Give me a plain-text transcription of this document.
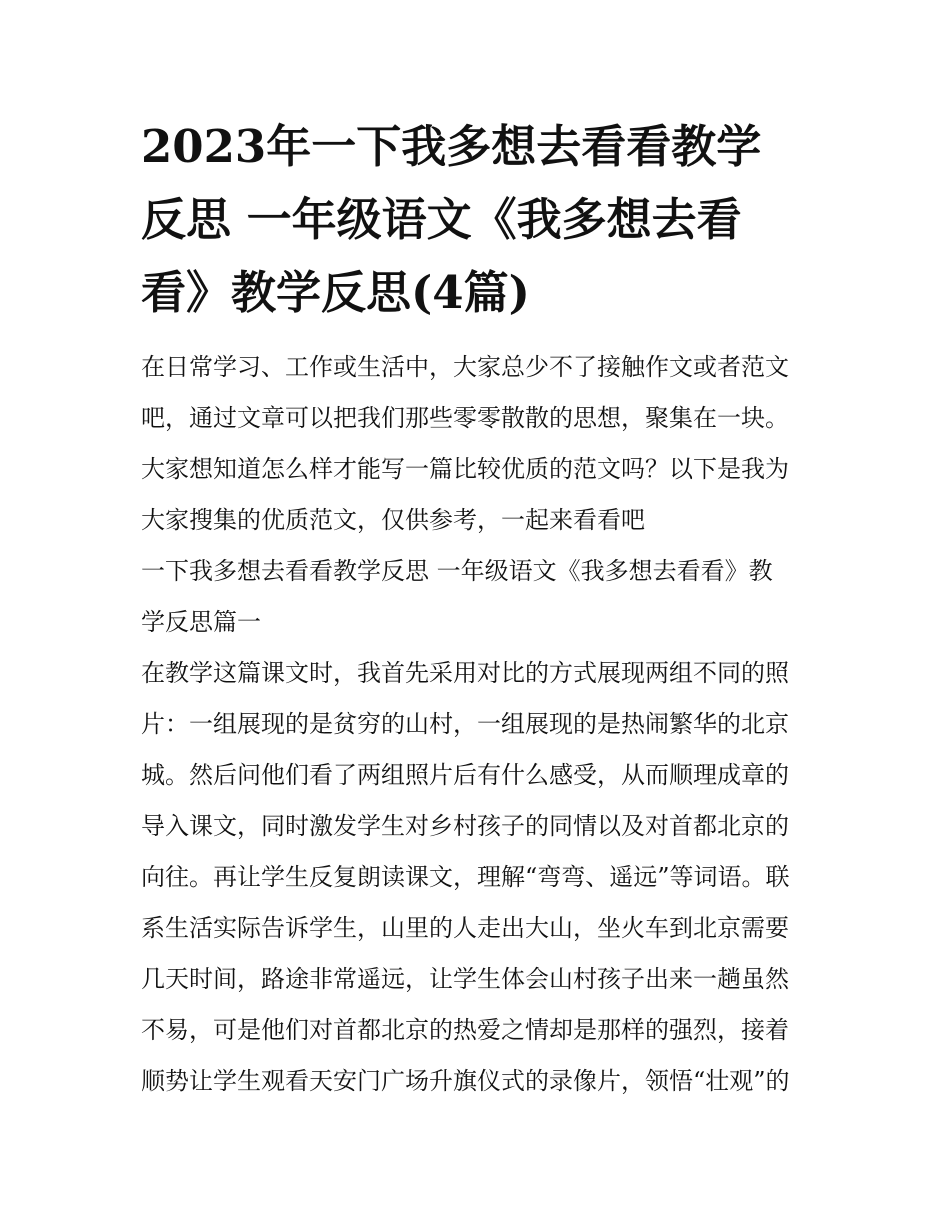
2023年一下我多想去看看教学
反思 一年级语文《我多想去看
看》教学反思(4篇)

在日常学习、工作或生活中，大家总少不了接触作文或者范文
吧，通过文章可以把我们那些零零散散的思想，聚集在一块。
大家想知道怎么样才能写一篇比较优质的范文吗？以下是我为
大家搜集的优质范文，仅供参考，一起来看看吧

一下我多想去看看教学反思 一年级语文《我多想去看看》教
学反思篇一

在教学这篇课文时，我首先采用对比的方式展现两组不同的照
片：一组展现的是贫穷的山村，一组展现的是热闹繁华的北京
城。然后问他们看了两组照片后有什么感受，从而顺理成章的
导入课文，同时激发学生对乡村孩子的同情以及对首都北京的
向往。再让学生反复朗读课文，理解“弯弯、遥远”等词语。联
系生活实际告诉学生，山里的人走出大山，坐火车到北京需要
几天时间，路途非常遥远，让学生体会山村孩子出来一趟虽然
不易，可是他们对首都北京的热爱之情却是那样的强烈，接着
顺势让学生观看天安门广场升旗仪式的录像片，领悟“壮观”的
